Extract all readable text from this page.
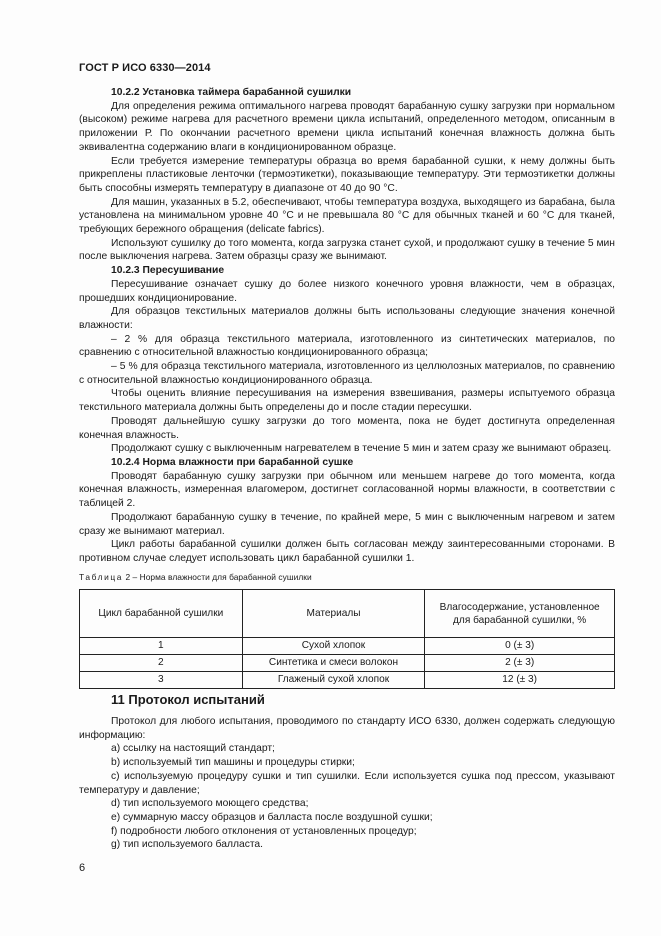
ГОСТ Р ИСО 6330—2014
10.2.2 Установка таймера барабанной сушилки
Для определения режима оптимального нагрева проводят барабанную сушку загрузки при нормальном (высоком) режиме нагрева для расчетного времени цикла испытаний, определенного методом, описанным в приложении Р. По окончании расчетного времени цикла испытаний конечная влажность должна быть эквивалентна содержанию влаги в кондиционированном образце.
Если требуется измерение температуры образца во время барабанной сушки, к нему должны быть прикреплены пластиковые ленточки (термоэтикетки), показывающие температуру. Эти термоэтикетки должны быть способны измерять температуру в диапазоне от 40 до 90 °С.
Для машин, указанных в 5.2, обеспечивают, чтобы температура воздуха, выходящего из барабана, была установлена на минимальном уровне 40 °С и не превышала 80 °С для обычных тканей и 60 °С для тканей, требующих бережного обращения (delicate fabrics).
Используют сушилку до того момента, когда загрузка станет сухой, и продолжают сушку в течение 5 мин после выключения нагрева. Затем образцы сразу же вынимают.
10.2.3 Пересушивание
Пересушивание означает сушку до более низкого конечного уровня влажности, чем в образцах, прошедших кондиционирование.
Для образцов текстильных материалов должны быть использованы следующие значения конечной влажности:
– 2 % для образца текстильного материала, изготовленного из синтетических материалов, по сравнению с относительной влажностью кондиционированного образца;
– 5 % для образца текстильного материала, изготовленного из целлюлозных материалов, по сравнению с относительной влажностью кондиционированного образца.
Чтобы оценить влияние пересушивания на измерения взвешивания, размеры испытуемого образца текстильного материала должны быть определены до и после стадии пересушки.
Проводят дальнейшую сушку загрузки до того момента, пока не будет достигнута определенная конечная влажность.
Продолжают сушку с выключенным нагревателем в течение 5 мин и затем сразу же вынимают образец.
10.2.4 Норма влажности при барабанной сушке
Проводят барабанную сушку загрузки при обычном или меньшем нагреве до того момента, когда конечная влажность, измеренная влагомером, достигнет согласованной нормы влажности, в соответствии с таблицей 2.
Продолжают барабанную сушку в течение, по крайней мере, 5 мин с выключенным нагревом и затем сразу же вынимают материал.
Цикл работы барабанной сушилки должен быть согласован между заинтересованными сторонами. В противном случае следует использовать цикл барабанной сушилки 1.
Таблица 2 – Норма влажности для барабанной сушилки
Цикл барабанной сушилки	Материалы	Влагосодержание, установленное для барабанной сушилки, %
1	Сухой хлопок	0 (± 3)
2	Синтетика и смеси волокон	2 (± 3)
3	Глаженый сухой хлопок	12 (± 3)
11 Протокол испытаний
Протокол для любого испытания, проводимого по стандарту ИСО 6330, должен содержать следующую информацию:
a) ссылку на настоящий стандарт;
b) используемый тип машины и процедуры стирки;
c) используемую процедуру сушки и тип сушилки. Если используется сушка под прессом, указывают температуру и давление;
d) тип используемого моющего средства;
e) суммарную массу образцов и балласта после воздушной сушки;
f) подробности любого отклонения от установленных процедур;
g) тип используемого балласта.
6
